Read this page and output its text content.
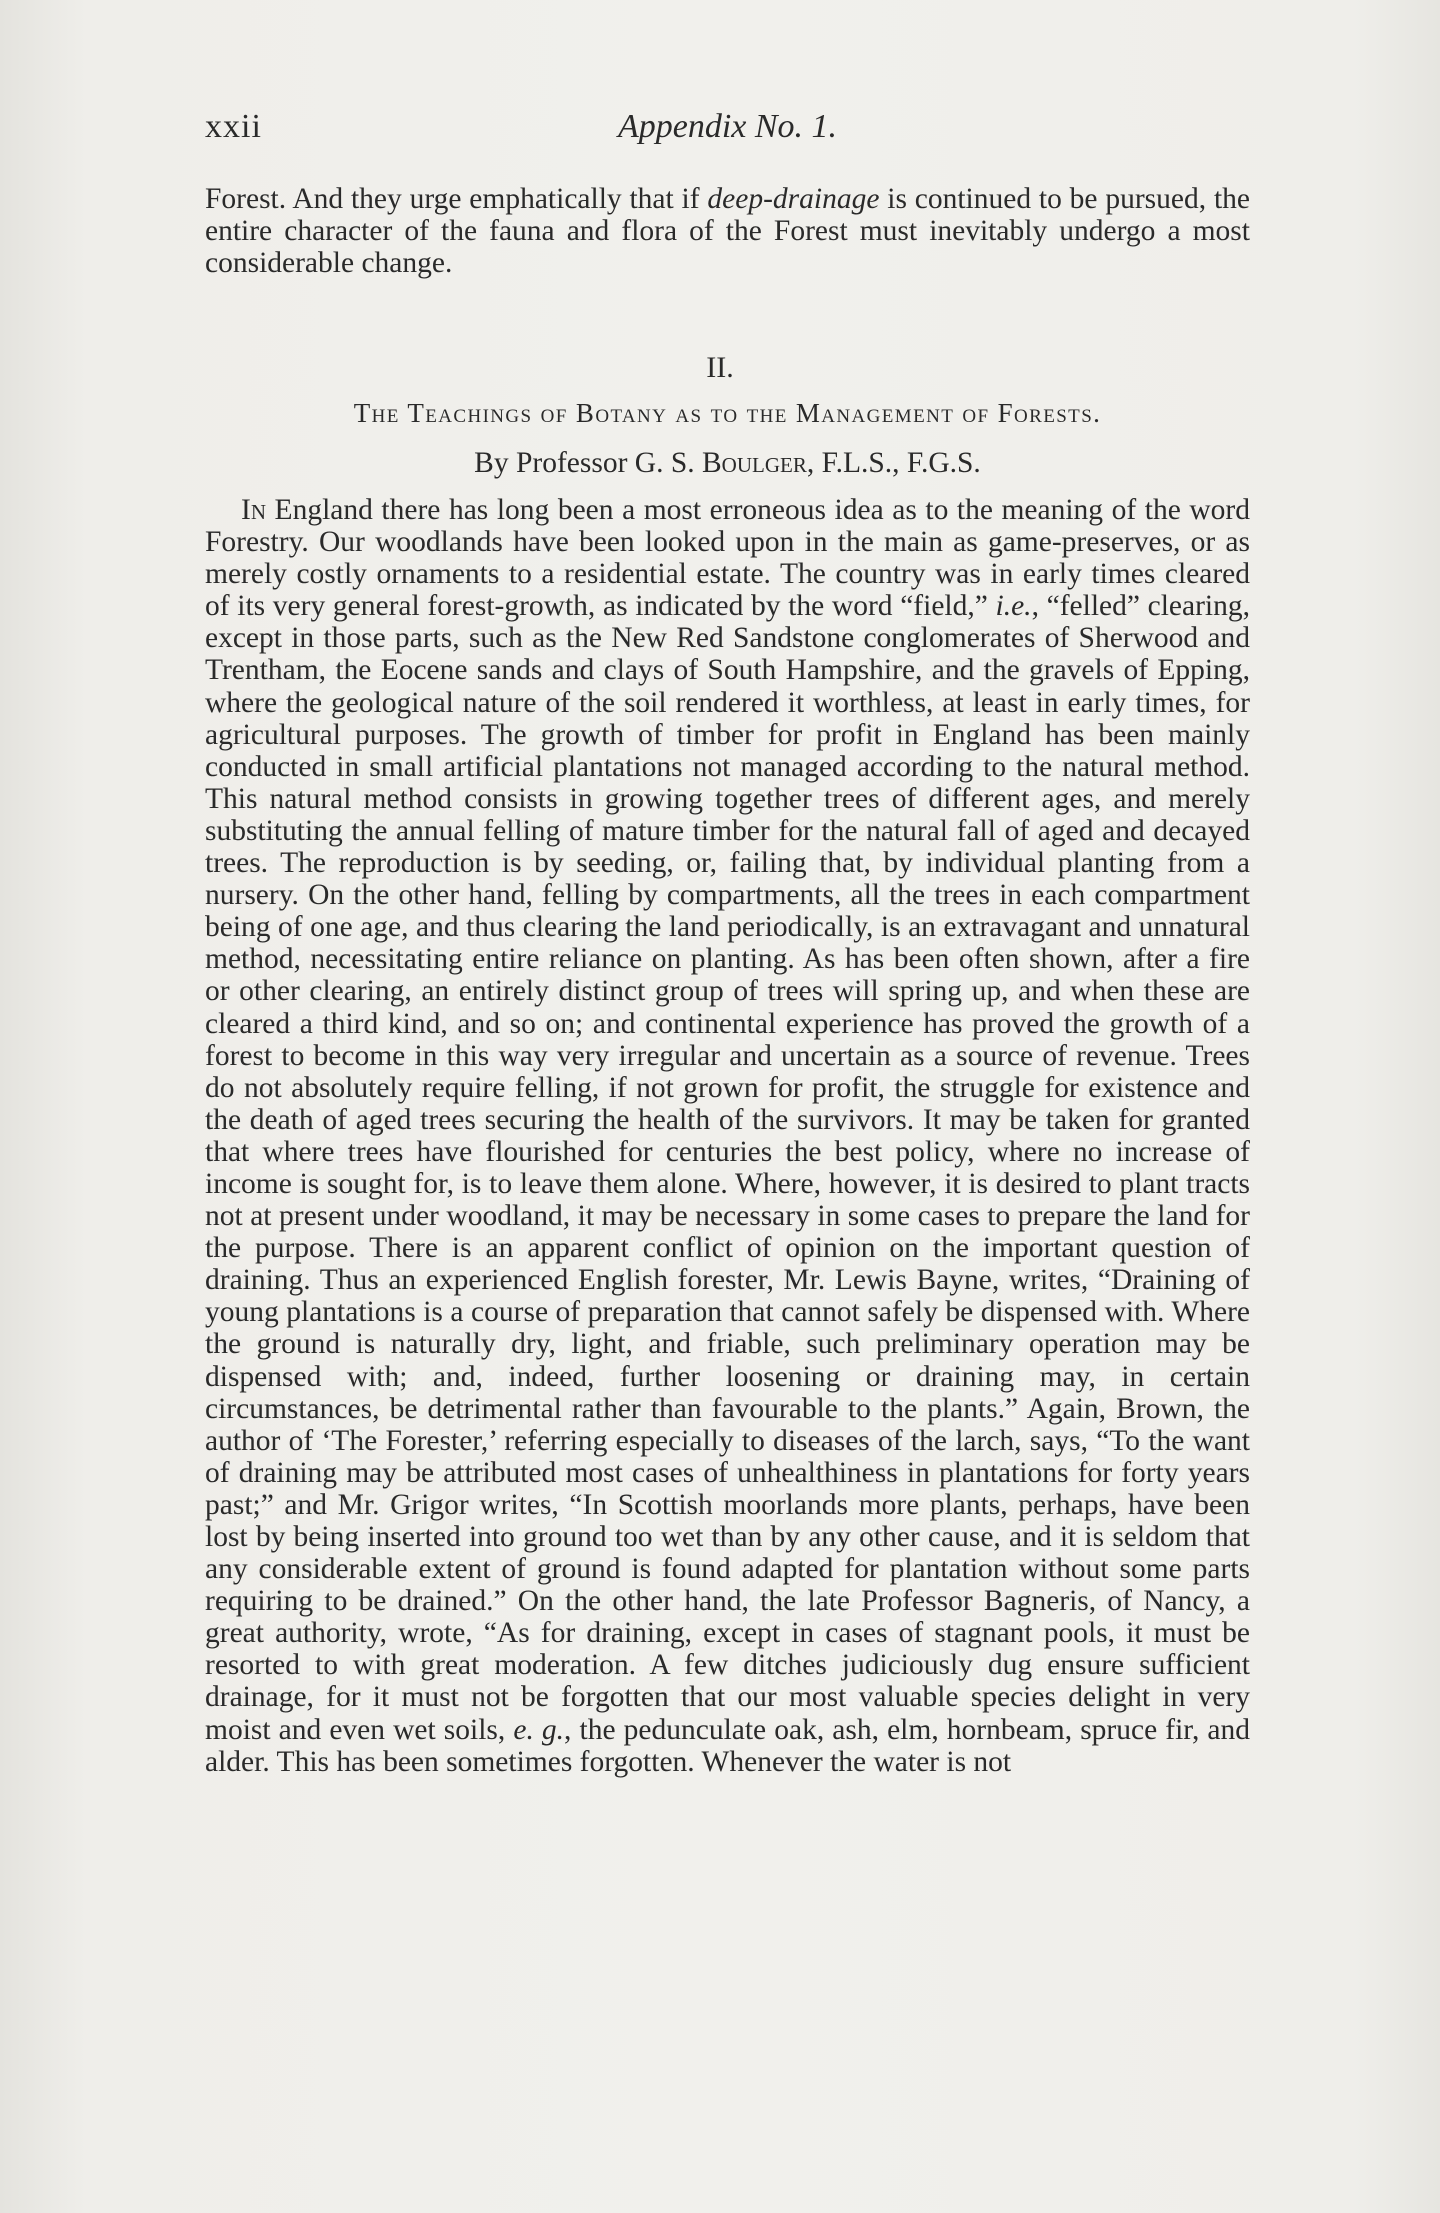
xxii	Appendix No. 1.

Forest. And they urge emphatically that if deep-drainage is continued to be pursued, the entire character of the fauna and flora of the Forest must inevitably undergo a most considerable change.

II.
The Teachings of Botany as to the Management of Forests.
By Professor G. S. Boulger, F.L.S., F.G.S.

In England there has long been a most erroneous idea as to the meaning of the word Forestry. Our woodlands have been looked upon in the main as game-preserves, or as merely costly ornaments to a residential estate. The country was in early times cleared of its very general forest-growth, as indicated by the word “field,” i.e., “felled” clearing, except in those parts, such as the New Red Sandstone conglomerates of Sherwood and Trentham, the Eocene sands and clays of South Hampshire, and the gravels of Epping, where the geological nature of the soil rendered it worthless, at least in early times, for agricultural purposes. The growth of timber for profit in England has been mainly conducted in small artificial plantations not managed according to the natural method. This natural method consists in growing together trees of different ages, and merely substituting the annual felling of mature timber for the natural fall of aged and decayed trees. The reproduction is by seeding, or, failing that, by individual planting from a nursery. On the other hand, felling by compartments, all the trees in each compartment being of one age, and thus clearing the land periodically, is an extravagant and unnatural method, necessitating entire reliance on planting. As has been often shown, after a fire or other clearing, an entirely distinct group of trees will spring up, and when these are cleared a third kind, and so on; and continental experience has proved the growth of a forest to become in this way very irregular and uncertain as a source of revenue. Trees do not absolutely require felling, if not grown for profit, the struggle for existence and the death of aged trees securing the health of the survivors. It may be taken for granted that where trees have flourished for centuries the best policy, where no increase of income is sought for, is to leave them alone. Where, however, it is desired to plant tracts not at present under woodland, it may be necessary in some cases to prepare the land for the purpose. There is an apparent conflict of opinion on the important question of draining. Thus an experienced English forester, Mr. Lewis Bayne, writes, “Draining of young plantations is a course of preparation that cannot safely be dispensed with. Where the ground is naturally dry, light, and friable, such preliminary operation may be dispensed with; and, indeed, further loosening or draining may, in certain circumstances, be detrimental rather than favourable to the plants.” Again, Brown, the author of ‘The Forester,’ referring especially to diseases of the larch, says, “To the want of draining may be attributed most cases of unhealthiness in plantations for forty years past;” and Mr. Grigor writes, “In Scottish moorlands more plants, perhaps, have been lost by being inserted into ground too wet than by any other cause, and it is seldom that any considerable extent of ground is found adapted for plantation without some parts requiring to be drained.” On the other hand, the late Professor Bagneris, of Nancy, a great authority, wrote, “As for draining, except in cases of stagnant pools, it must be resorted to with great moderation. A few ditches judiciously dug ensure sufficient drainage, for it must not be forgotten that our most valuable species delight in very moist and even wet soils, e. g., the pedunculate oak, ash, elm, hornbeam, spruce fir, and alder. This has been sometimes forgotten. Whenever the water is not
